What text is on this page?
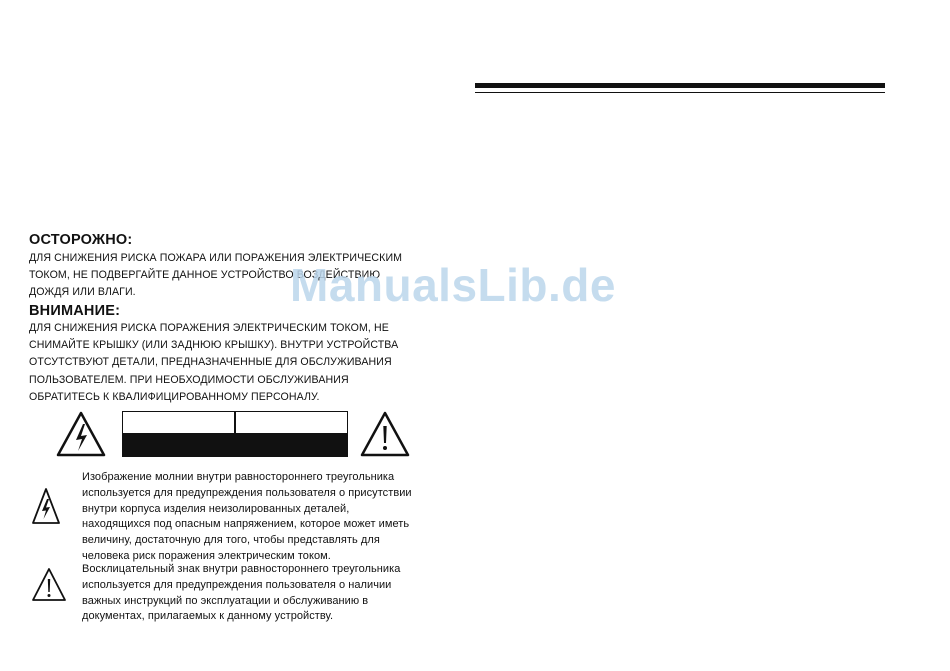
ОСТОРОЖНО:
ДЛЯ СНИЖЕНИЯ РИСКА ПОЖАРА ИЛИ ПОРАЖЕНИЯ ЭЛЕКТРИЧЕСКИМ
ТОКОМ, НЕ ПОДВЕРГАЙТЕ ДАННОЕ УСТРОЙСТВО ВОЗДЕЙСТВИЮ
ДОЖДЯ ИЛИ ВЛАГИ.
ВНИМАНИЕ:
ДЛЯ СНИЖЕНИЯ РИСКА ПОРАЖЕНИЯ ЭЛЕКТРИЧЕСКИМ ТОКОМ, НЕ
СНИМАЙТЕ КРЫШКУ (ИЛИ ЗАДНЮЮ КРЫШКУ). ВНУТРИ УСТРОЙСТВА
ОТСУТСТВУЮТ ДЕТАЛИ, ПРЕДНАЗНАЧЕННЫЕ ДЛЯ ОБСЛУЖИВАНИЯ
ПОЛЬЗОВАТЕЛЕМ. ПРИ НЕОБХОДИМОСТИ ОБСЛУЖИВАНИЯ
ОБРАТИТЕСЬ К КВАЛИФИЦИРОВАННОМУ ПЕРСОНАЛУ.
ManualsLib.de
Изображение молнии внутри равностороннего треугольника
используется для предупреждения пользователя о присутствии
внутри корпуса изделия неизолированных деталей,
находящихся под опасным напряжением, которое может иметь
величину, достаточную для того, чтобы представлять для
человека риск поражения электрическим током.
Восклицательный знак внутри равностороннего треугольника
используется для предупреждения пользователя о наличии
важных инструкций по эксплуатации и обслуживанию в
документах, прилагаемых к данному устройству.
